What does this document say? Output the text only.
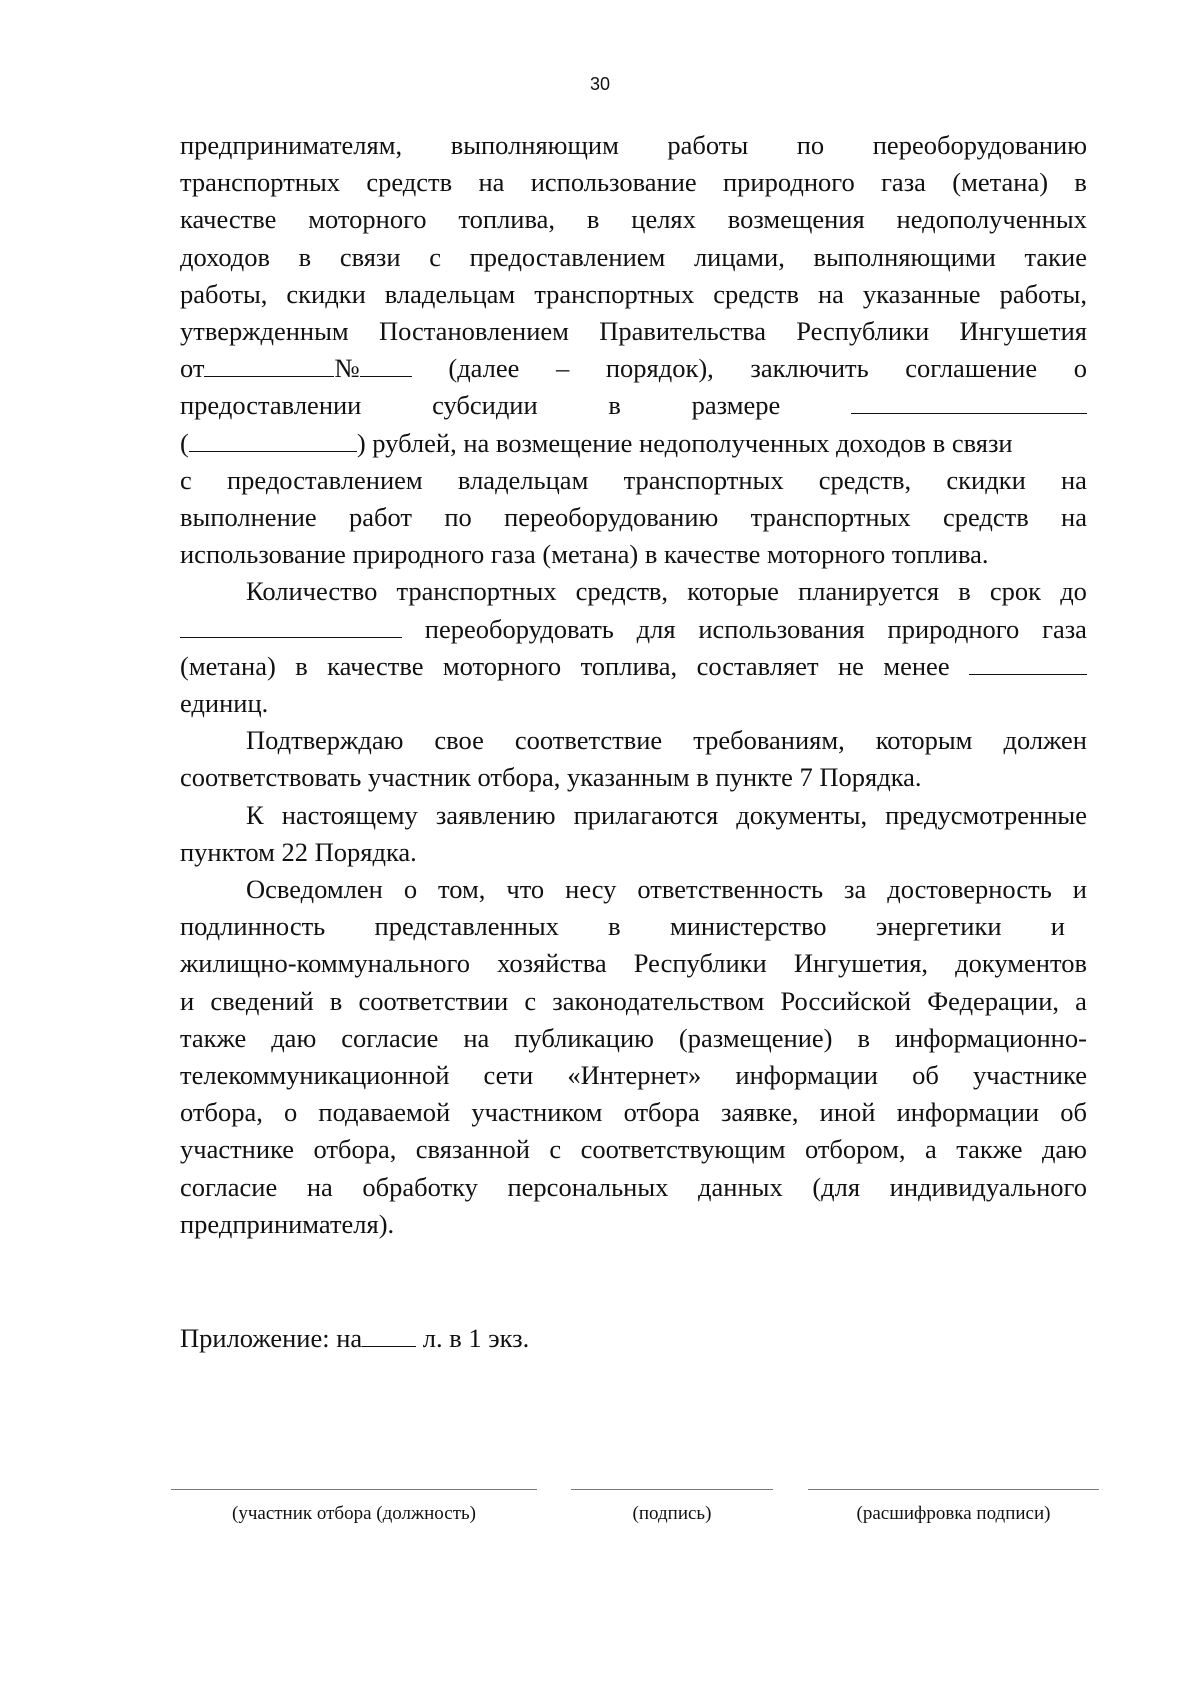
30
предпринимателям, выполняющим работы по переоборудованию
транспортных средств на использование природного газа (метана) в
качестве моторного топлива, в целях возмещения недополученных
доходов в связи с предоставлением лицами, выполняющими такие
работы, скидки владельцам транспортных средств на указанные работы,
утвержденным Постановлением Правительства Республики Ингушетия
от	№	(далее – порядок), заключить соглашение о
предоставлении	субсидии	в	размере
(	) рублей, на возмещение недополученных доходов в связи
с предоставлением владельцам транспортных средств, скидки на
выполнение работ по переоборудованию транспортных средств на
использование природного газа (метана) в качестве моторного топлива.
Количество транспортных средств, которые планируется в срок до
переоборудовать для использования природного газа
(метана) в качестве моторного топлива, составляет не менее
единиц.
Подтверждаю свое соответствие требованиям, которым должен
соответствовать участник отбора, указанным в пункте 7 Порядка.
К настоящему заявлению прилагаются документы, предусмотренные
пунктом 22 Порядка.
Осведомлен о том, что несу ответственность за достоверность и
подлинность представленных в министерство энергетики и
жилищно-коммунального хозяйства Республики Ингушетия, документов
и сведений в соответствии с законодательством Российской Федерации, а
также даю согласие на публикацию (размещение) в информационно-
телекоммуникационной сети «Интернет» информации об участнике
отбора, о подаваемой участником отбора заявке, иной информации об
участнике отбора, связанной с соответствующим отбором, а также даю
согласие на обработку персональных данных (для индивидуального
предпринимателя).
Приложение: на л. в 1 экз.
(участник отбора (должность)	(подпись)	(расшифровка подписи)
